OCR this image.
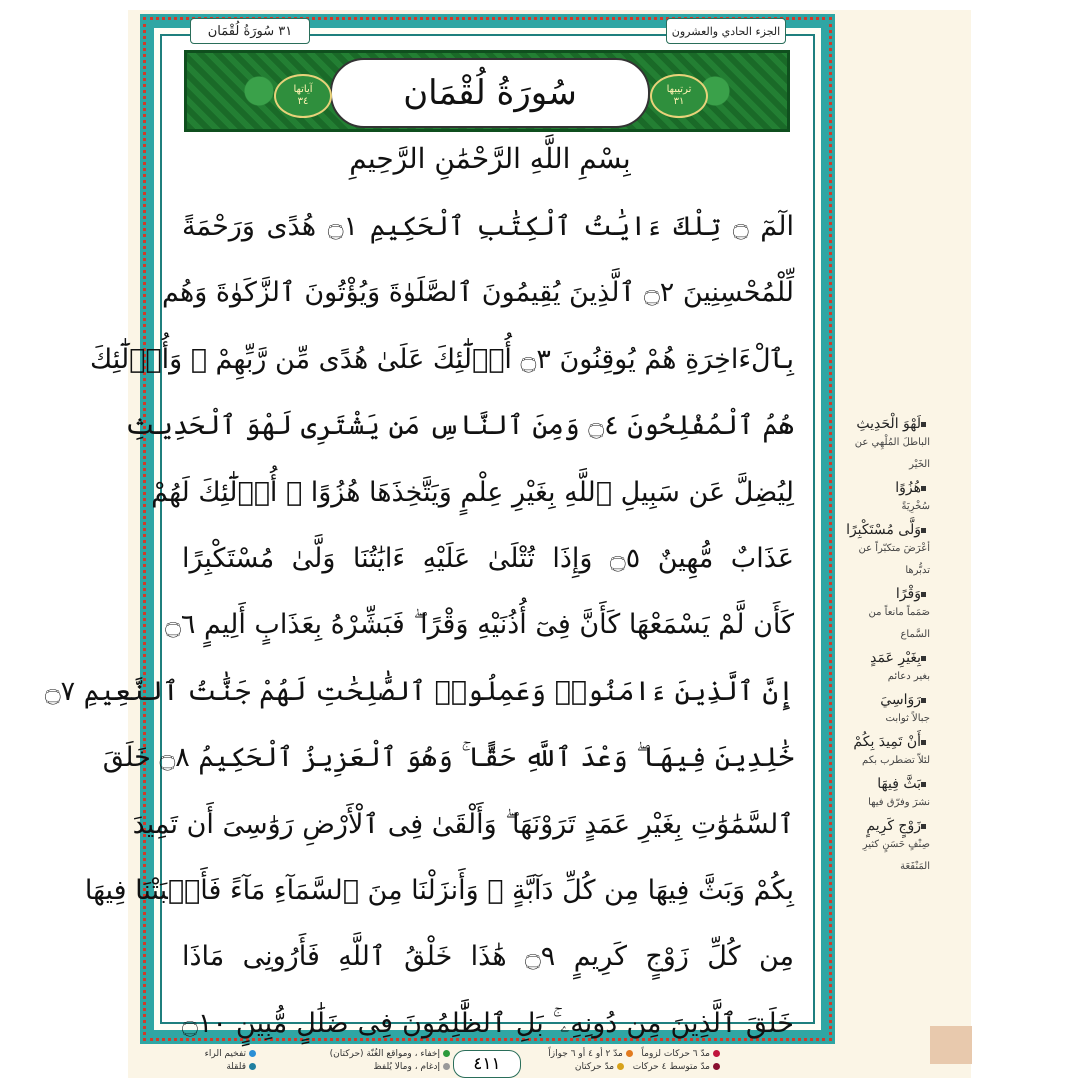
٣١

سُورَةُ لُقْمَان	الجزء الحادي والعشرون
سُورَةُ لُقْمَان
آياتها
٣٤
ترتيبها
٣١
بِسْمِ اللَّهِ الرَّحْمَٰنِ الرَّحِيمِ
الٓمٓ ۝ تِلْكَ ءَايَٰتُ ٱلْكِتَٰبِ ٱلْحَكِيمِ ۝١ هُدًى وَرَحْمَةً
لِّلْمُحْسِنِينَ ۝٢ ٱلَّذِينَ يُقِيمُونَ ٱلصَّلَوٰةَ وَيُؤْتُونَ ٱلزَّكَوٰةَ وَهُم
بِٱلْءَاخِرَةِ هُمْ يُوقِنُونَ ۝٣ أُو۟لَٰٓئِكَ عَلَىٰ هُدًى مِّن رَّبِّهِمْ ۖ وَأُو۟لَٰٓئِكَ
هُمُ ٱلْمُفْلِحُونَ ۝٤ وَمِنَ ٱلنَّاسِ مَن يَشْتَرِى لَهْوَ ٱلْحَدِيثِ
لِيُضِلَّ عَن سَبِيلِ ٱللَّهِ بِغَيْرِ عِلْمٍ وَيَتَّخِذَهَا هُزُوًا ۚ أُو۟لَٰٓئِكَ لَهُمْ
عَذَابٌ مُّهِينٌ ۝٥ وَإِذَا تُتْلَىٰ عَلَيْهِ ءَايَٰتُنَا وَلَّىٰ مُسْتَكْبِرًا
كَأَن لَّمْ يَسْمَعْهَا كَأَنَّ فِىٓ أُذُنَيْهِ وَقْرًا ۖ فَبَشِّرْهُ بِعَذَابٍ أَلِيمٍ ۝٦
إِنَّ ٱلَّذِينَ ءَامَنُوا۟ وَعَمِلُوا۟ ٱلصَّٰلِحَٰتِ لَهُمْ جَنَّٰتُ ٱلنَّعِيمِ ۝٧
خَٰلِدِينَ فِيهَا ۖ وَعْدَ ٱللَّهِ حَقًّا ۚ وَهُوَ ٱلْعَزِيزُ ٱلْحَكِيمُ ۝٨ خَلَقَ
ٱلسَّمَٰوَٰتِ بِغَيْرِ عَمَدٍ تَرَوْنَهَا ۖ وَأَلْقَىٰ فِى ٱلْأَرْضِ رَوَٰسِىَ أَن تَمِيدَ
بِكُمْ وَبَثَّ فِيهَا مِن كُلِّ دَآبَّةٍ ۚ وَأَنزَلْنَا مِنَ ٱلسَّمَآءِ مَآءً فَأَنۢبَتْنَا فِيهَا
مِن كُلِّ زَوْجٍ كَرِيمٍ ۝٩ هَٰذَا خَلْقُ ٱللَّهِ فَأَرُونِى مَاذَا
خَلَقَ ٱلَّذِينَ مِن دُونِهِۦ ۚ بَلِ ٱلظَّٰلِمُونَ فِى ضَلَٰلٍ مُّبِينٍ ۝١٠
تفخيم الراء
قلقلة
إخفاء ، ومواقع الغُنّة (حركتان)
إدغام ، ومالا يُلفظ	٤١١	مدّ ٦ حركات لزوماً   مدّ ٢ أو ٤ أو ٦ جوازاً
مدّ متوسط ٤ حركات   مدّ حركتان
لَهْوَ الْحَدِيثِ
الباطلَ المُلْهِي عن الخَيْر
هُزُوًا
سُخْرِيَةً
وَلَّى مُسْتَكْبِرًا
أعْرَضَ متكبّراً عن تدبُّرها
وَقْرًا
صَمَماً مانعاً من السَّماع
بِغَيْرِ عَمَدٍ
بغير دعائم
رَوَاسِيَ
جبالاً ثوابت
أَنْ تَمِيدَ بِكُمْ
لئلاّ تضطرب بكم
بَثَّ فِيهَا
نشرَ وفرّق فيها
زَوْجٍ كَرِيمٍ
صِنْفٍ حَسَنٍ كثيرِ المَنْفَعَة
